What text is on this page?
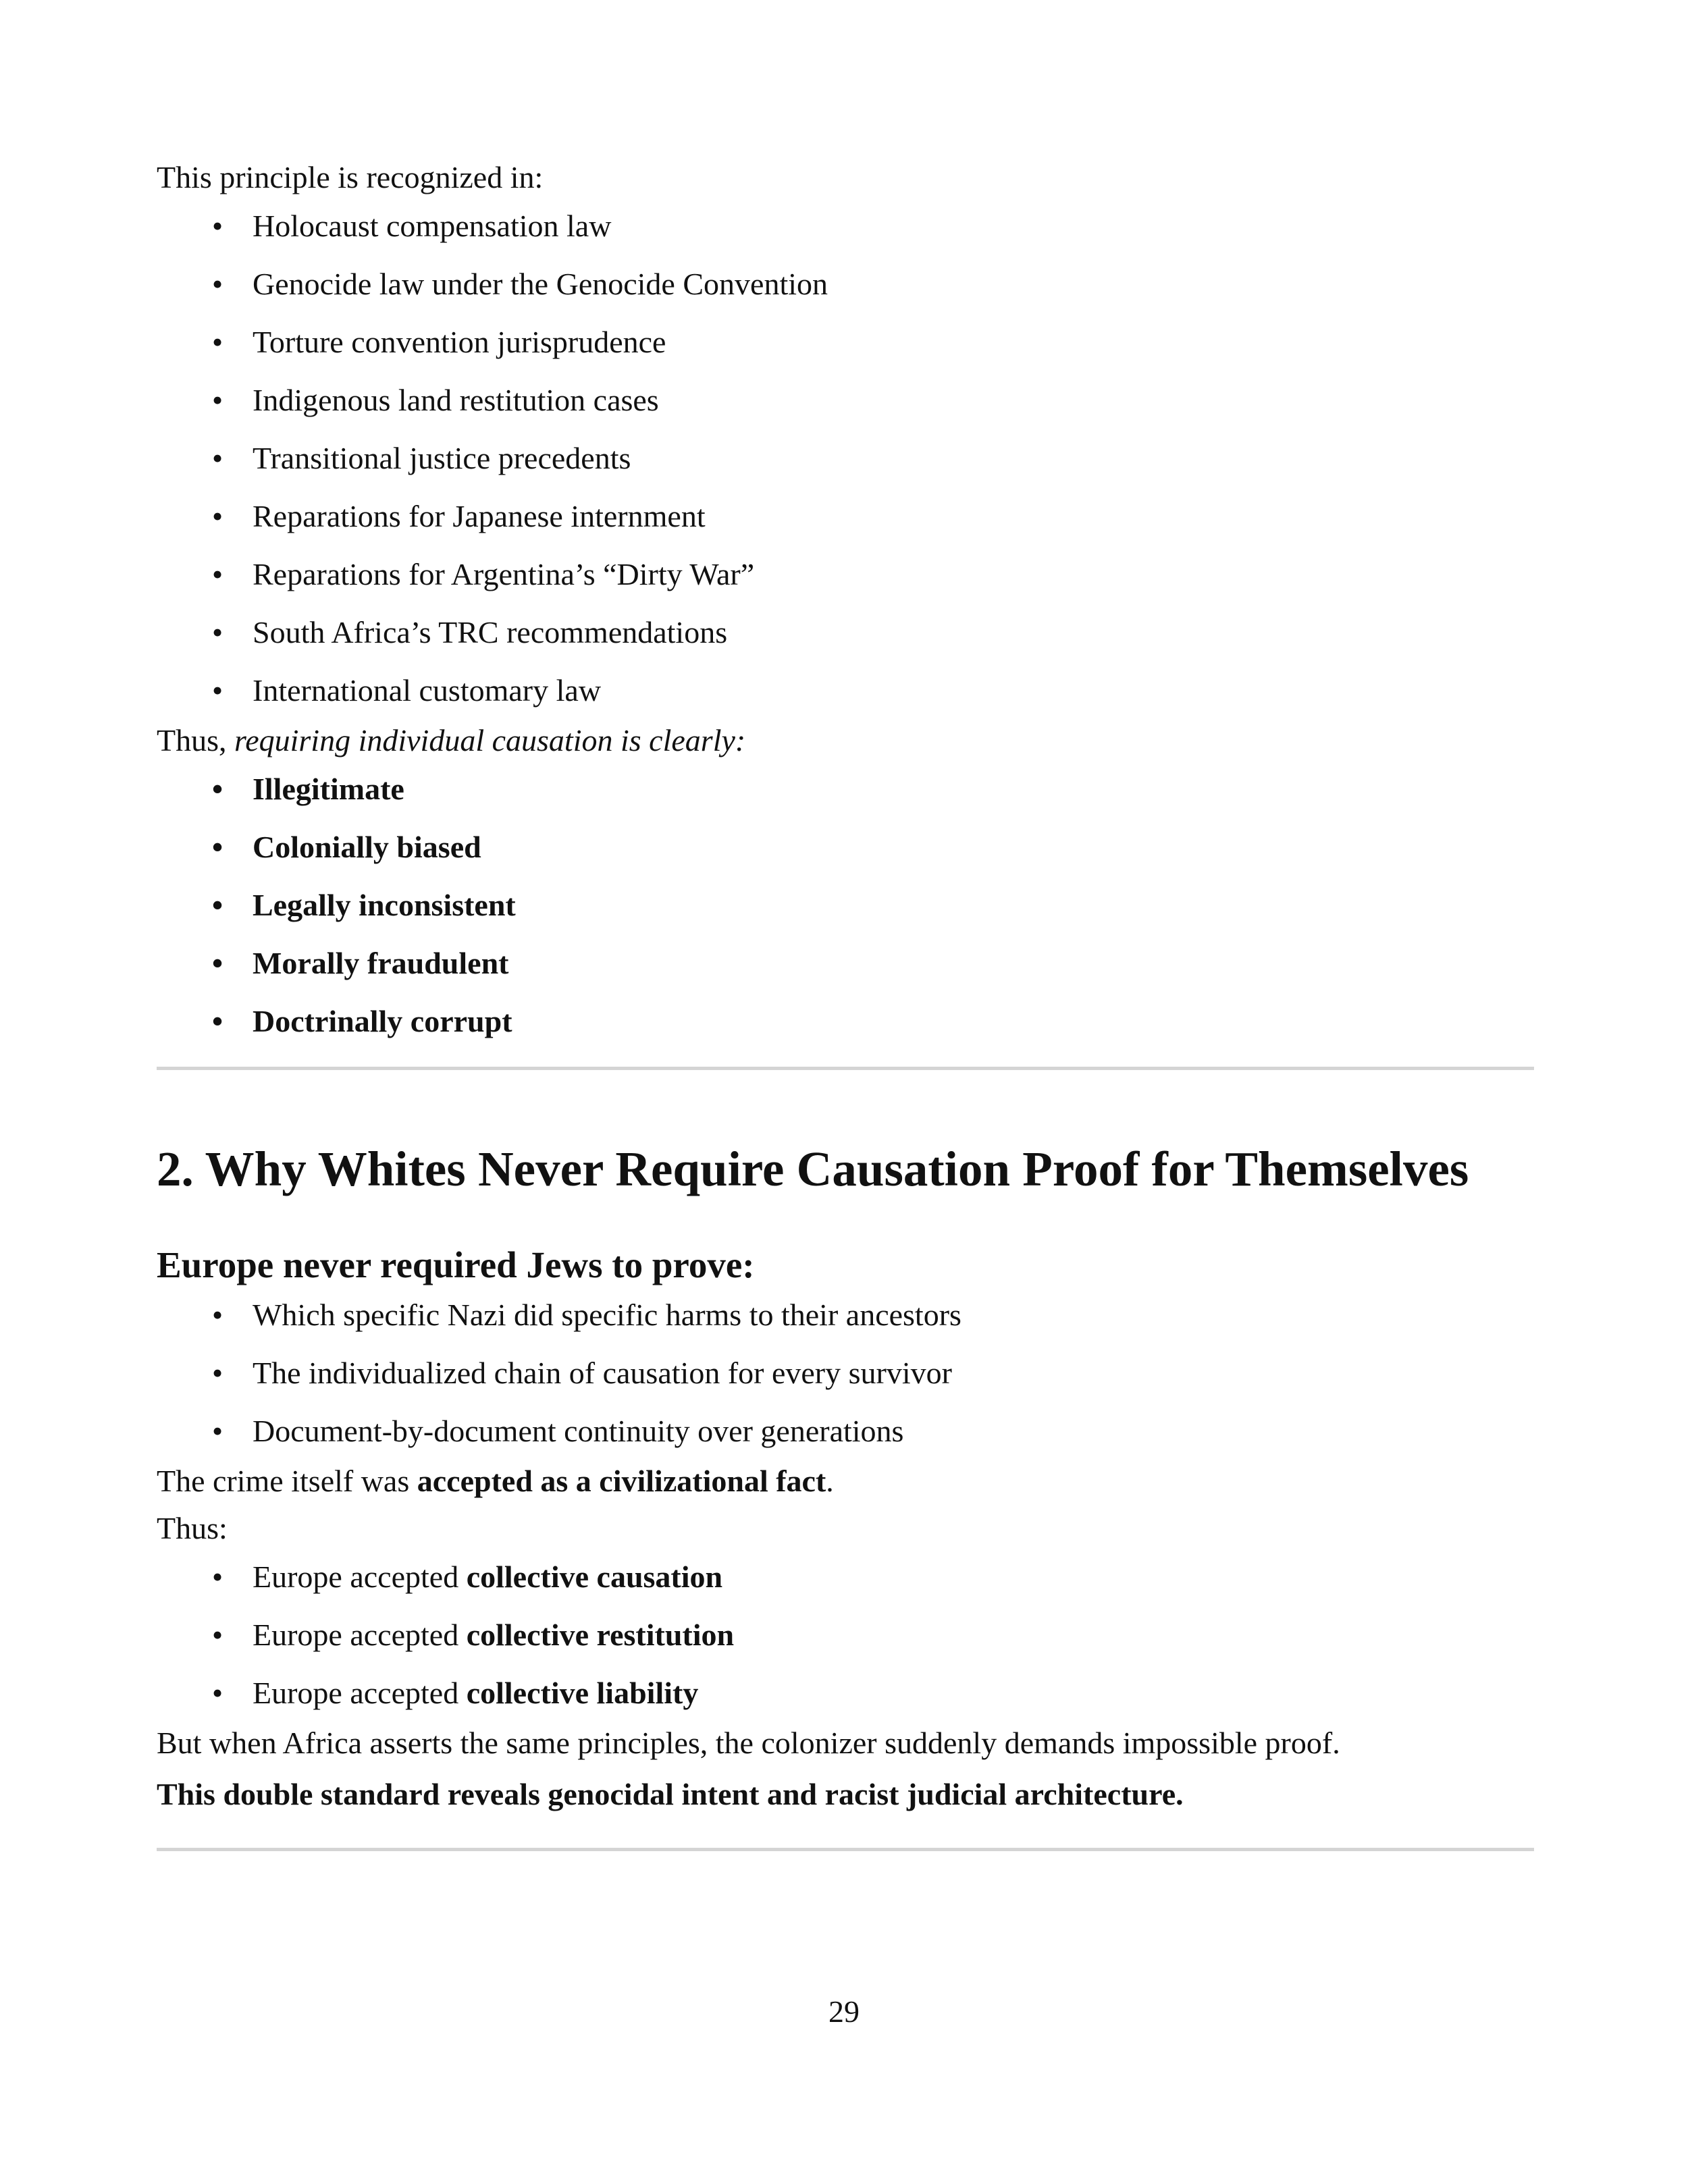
This principle is recognized in:

• Holocaust compensation law
• Genocide law under the Genocide Convention
• Torture convention jurisprudence
• Indigenous land restitution cases
• Transitional justice precedents
• Reparations for Japanese internment
• Reparations for Argentina’s “Dirty War”
• South Africa’s TRC recommendations
• International customary law

Thus, requiring individual causation is clearly:

• Illegitimate
• Colonially biased
• Legally inconsistent
• Morally fraudulent
• Doctrinally corrupt
2. Why Whites Never Require Causation Proof for Themselves
Europe never required Jews to prove:
• Which specific Nazi did specific harms to their ancestors
• The individualized chain of causation for every survivor
• Document-by-document continuity over generations

The crime itself was accepted as a civilizational fact.

Thus:

• Europe accepted collective causation
• Europe accepted collective restitution
• Europe accepted collective liability

But when Africa asserts the same principles, the colonizer suddenly demands impossible proof.

This double standard reveals genocidal intent and racist judicial architecture.

29
